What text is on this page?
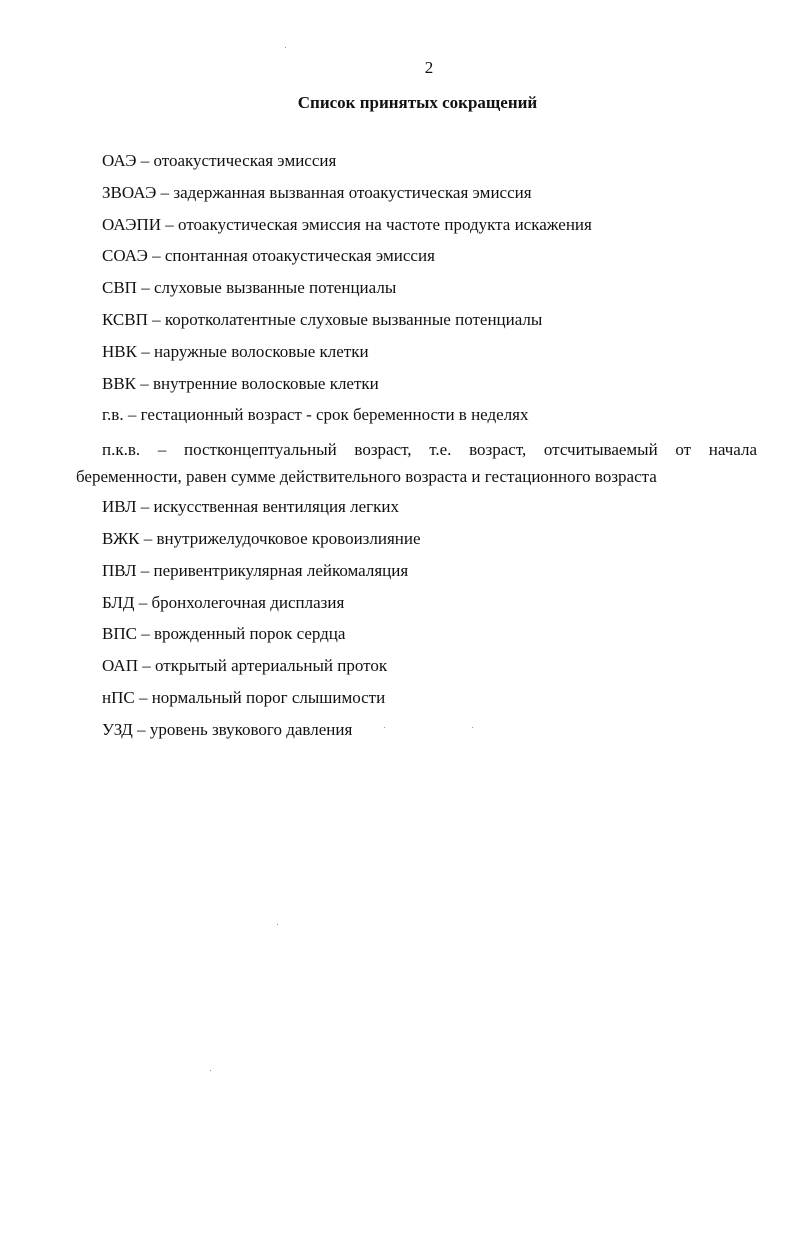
2
Список принятых сокращений

ОАЭ – отоакустическая эмиссия

ЗВОАЭ – задержанная вызванная отоакустическая эмиссия

ОАЭПИ – отоакустическая эмиссия на частоте продукта искажения

СОАЭ – спонтанная отоакустическая эмиссия

СВП – слуховые вызванные потенциалы

КСВП – коротколатентные слуховые вызванные потенциалы

НВК – наружные волосковые клетки

ВВК – внутренние волосковые клетки

г.в. – гестационный возраст - срок беременности в неделях

п.к.в. – постконцептуальный возраст, т.е. возраст, отсчитываемый от начала беременности, равен сумме действительного возраста и гестационного возраста

ИВЛ – искусственная вентиляция легких

ВЖК – внутрижелудочковое кровоизлияние

ПВЛ – перивентрикулярная лейкомаляция

БЛД – бронхолегочная дисплазия

ВПС – врожденный порок сердца

ОАП – открытый артериальный проток

нПС – нормальный порог слышимости

УЗД – уровень звукового давления
